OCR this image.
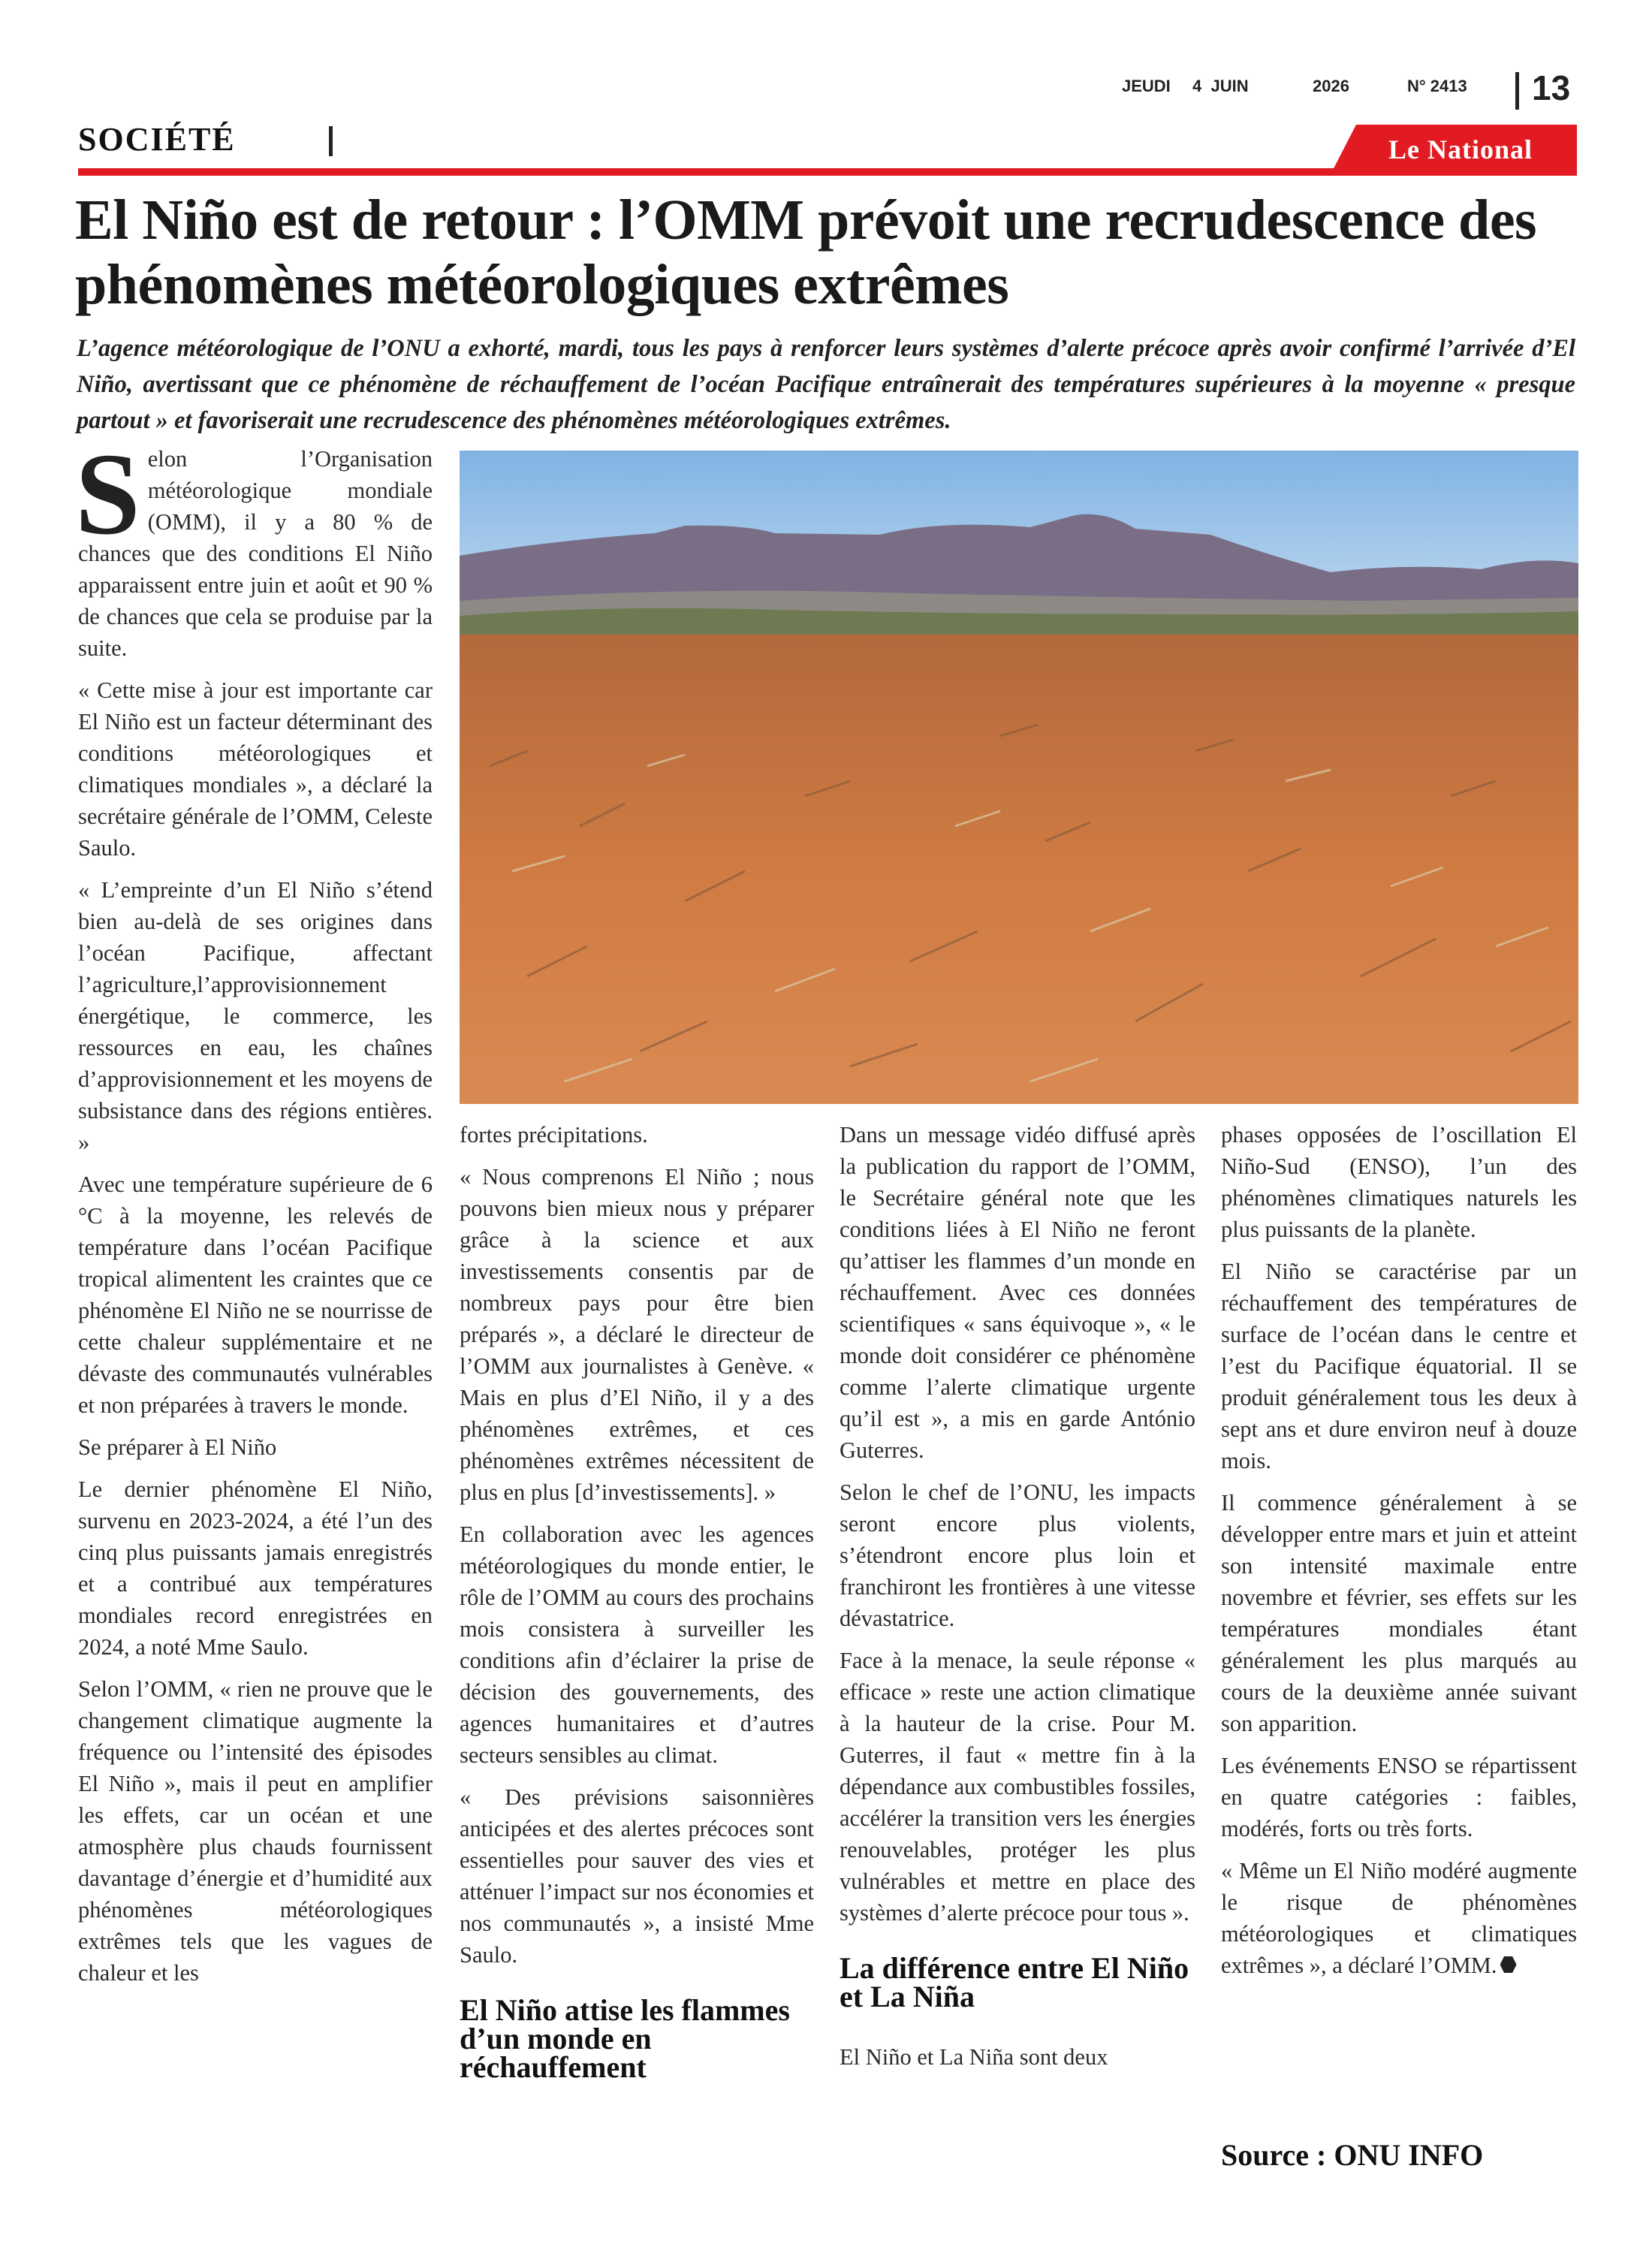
JEUDI 4  JUIN	2026	N° 2413 13
SOCIÉTÉ	Le National
El Niño est de retour : l’OMM prévoit une recrudescence des phénomènes météorologiques extrêmes

L’agence météorologique de l’ONU a exhorté, mardi, tous les pays à renforcer leurs systèmes d’alerte précoce après avoir confirmé l’arrivée d’El Niño, avertissant que ce phénomène de réchauffement de l’océan Pacifique entraînerait des températures supérieures à la moyenne « presque partout » et favoriserait une recrudescence des phénomènes météorologiques extrêmes.

Selon l’Organisation météorologique mondiale (OMM), il y a 80 % de chances que des conditions El Niño apparaissent entre juin et août et 90 % de chances que cela se produise par la suite.

« Cette mise à jour est importante car El Niño est un facteur déterminant des conditions météorologiques et climatiques mondiales », a déclaré la secrétaire générale de l’OMM, Celeste Saulo.

« L’empreinte d’un El Niño s’étend bien au-delà de ses origines dans l’océan Pacifique, affectant l’agriculture,l’approvisionnement énergétique, le commerce, les ressources en eau, les chaînes d’approvisionnement et les moyens de subsistance dans des régions entières. »

Avec une température supérieure de 6 °C à la moyenne, les relevés de température dans l’océan Pacifique tropical alimentent les craintes que ce phénomène El Niño ne se nourrisse de cette chaleur supplémentaire et ne dévaste des communautés vulnérables et non préparées à travers le monde.

Se préparer à El Niño

Le dernier phénomène El Niño, survenu en 2023-2024, a été l’un des cinq plus puissants jamais enregistrés et a contribué aux températures mondiales record enregistrées en 2024, a noté Mme Saulo.

Selon l’OMM, « rien ne prouve que le changement climatique augmente la fréquence ou l’intensité des épisodes El Niño », mais il peut en amplifier les effets, car un océan et une atmosphère plus chauds fournissent davantage d’énergie et d’humidité aux phénomènes météorologiques extrêmes tels que les vagues de chaleur et les

fortes précipitations.

« Nous comprenons El Niño ; nous pouvons bien mieux nous y préparer grâce à la science et aux investissements consentis par de nombreux pays pour être bien préparés », a déclaré le directeur de l’OMM aux journalistes à Genève. « Mais en plus d’El Niño, il y a des phénomènes extrêmes, et ces phénomènes extrêmes nécessitent de plus en plus [d’investissements]. »

En collaboration avec les agences météorologiques du monde entier, le rôle de l’OMM au cours des prochains mois consistera à surveiller les conditions afin d’éclairer la prise de décision des gouvernements, des agences humanitaires et d’autres secteurs sensibles au climat.

« Des prévisions saisonnières anticipées et des alertes précoces sont essentielles pour sauver des vies et atténuer l’impact sur nos économies et nos communautés », a insisté Mme Saulo.

El Niño attise les flammes d’un monde en réchauffement

Dans un message vidéo diffusé après la publication du rapport de l’OMM, le Secrétaire général note que les conditions liées à El Niño ne feront qu’attiser les flammes d’un monde en réchauffement. Avec ces données scientifiques « sans équivoque », « le monde doit considérer ce phénomène comme l’alerte climatique urgente qu’il est », a mis en garde António Guterres.

Selon le chef de l’ONU, les impacts seront encore plus violents, s’étendront encore plus loin et franchiront les frontières à une vitesse dévastatrice.

Face à la menace, la seule réponse « efficace » reste une action climatique à la hauteur de la crise. Pour M. Guterres, il faut « mettre fin à la dépendance aux combustibles fossiles, accélérer la transition vers les énergies renouvelables, protéger les plus vulnérables et mettre en place des systèmes d’alerte précoce pour tous ».

La différence entre El Niño et La Niña

El Niño et La Niña sont deux

phases opposées de l’oscillation El Niño-Sud (ENSO), l’un des phénomènes climatiques naturels les plus puissants de la planète.

El Niño se caractérise par un réchauffement des températures de surface de l’océan dans le centre et l’est du Pacifique équatorial. Il se produit généralement tous les deux à sept ans et dure environ neuf à douze mois.

Il commence généralement à se développer entre mars et juin et atteint son intensité maximale entre novembre et février, ses effets sur les températures mondiales étant généralement les plus marqués au cours de la deuxième année suivant son apparition.

Les événements ENSO se répartissent en quatre catégories : faibles, modérés, forts ou très forts.

« Même un El Niño modéré augmente le risque de phénomènes météorologiques et climatiques extrêmes », a déclaré l’OMM.

Source : ONU INFO
